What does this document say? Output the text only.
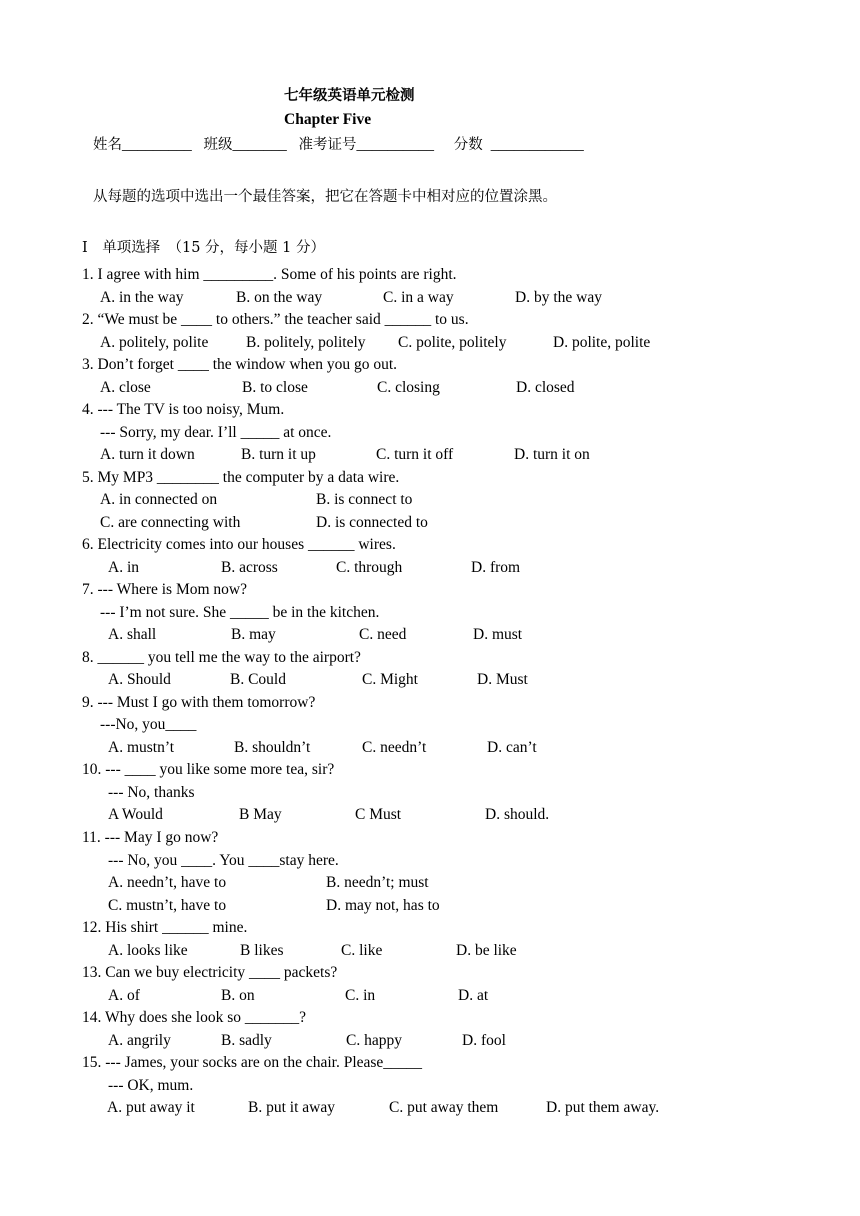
七年级英语单元检测
Chapter Five
姓名_________ 班级_______ 准考证号__________ 分数 ____________
从每题的选项中选出一个最佳答案，把它在答题卡中相对应的位置涂黑。
I　单项选择　（15 分，每小题 1 分）
1. I agree with him _________. Some of his points are right.
A. in the way	B. on the way	C. in a way	D. by the way
2. “We must be ____ to others.” the teacher said ______ to us.
A. politely, polite B. politely, politely C. polite, politely	D. polite, polite
3. Don’t forget ____ the window when you go out.
A. close	B. to close	C. closing	D. closed
4. --- The TV is too noisy, Mum.
--- Sorry, my dear. I’ll _____ at once.
A. turn it down	B. turn it up	C. turn it off	D. turn it on
5. My MP3 ________ the computer by a data wire.
A. in connected on	B. is connect to
C. are connecting with	D. is connected to
6. Electricity comes into our houses ______ wires.
A. in	B. across	C. through	D. from
7. --- Where is Mom now?
--- I’m not sure. She _____ be in the kitchen.
A. shall	B. may	C. need	D. must
8. ______ you tell me the way to the airport?
A. Should	B. Could	C. Might	D. Must
9. --- Must I go with them tomorrow?
---No, you____
A. mustn’t	B. shouldn’t	C. needn’t	D. can’t
10. --- ____ you like some more tea, sir?
--- No, thanks
A Would	B May	C Must	D. should.
11. --- May I go now?
--- No, you ____. You ____stay here.
A. needn’t, have to	B. needn’t; must
C. mustn’t, have to	D. may not, has to
12. His shirt ______ mine.
A. looks like	B likes	C. like	D. be like
13. Can we buy electricity ____ packets?
A. of	B. on	C. in	D. at
14. Why does she look so _______?
A. angrily	B. sadly	C. happy	D. fool
15. --- James, your socks are on the chair. Please_____
--- OK, mum.
A. put away it	B. put it away	C. put away them	D. put them away.
